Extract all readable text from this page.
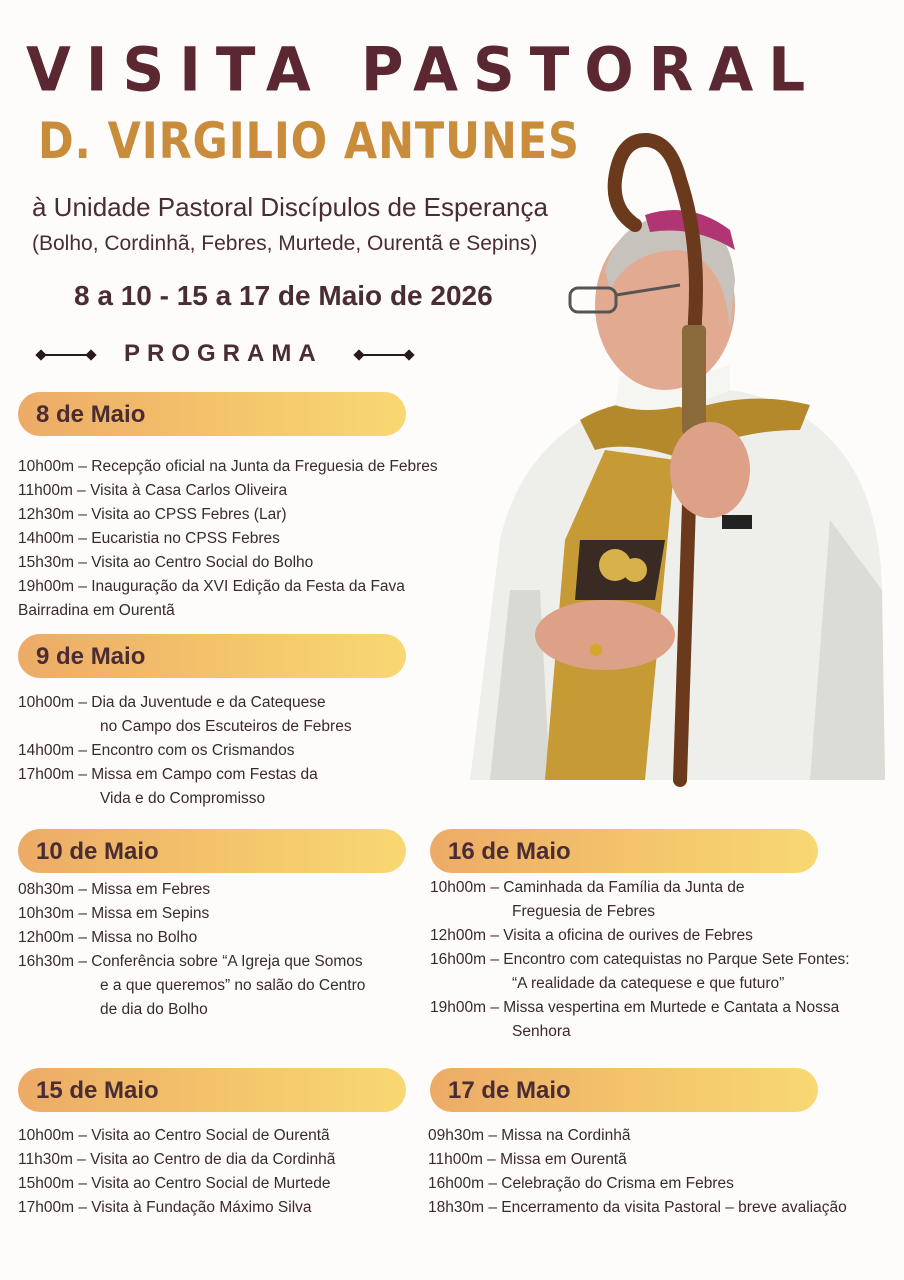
VISITA PASTORAL
D. VIRGILIO ANTUNES
à Unidade Pastoral Discípulos de Esperança
(Bolho, Cordinhã, Febres, Murtede, Ourentã e Sepins)
8 a 10 - 15 a 17 de Maio de 2026
PROGRAMA
8 de Maio
10h00m – Recepção oficial na Junta da Freguesia de Febres
11h00m – Visita à Casa Carlos Oliveira
12h30m – Visita ao CPSS Febres (Lar)
14h00m – Eucaristia no CPSS Febres
15h30m – Visita ao Centro Social do Bolho
19h00m – Inauguração da XVI Edição da Festa da Fava
Bairradina em Ourentã
9 de Maio
10h00m – Dia da Juventude e da Catequese
no Campo dos Escuteiros de Febres
14h00m – Encontro com os Crismandos
17h00m – Missa em Campo com Festas da
Vida e do Compromisso
10 de Maio
08h30m – Missa em Febres
10h30m – Missa em Sepins
12h00m – Missa no Bolho
16h30m – Conferência sobre “A Igreja que Somos
e a que queremos” no salão do Centro
de dia do Bolho
16 de Maio
10h00m – Caminhada da Família da Junta de
Freguesia de Febres
12h00m – Visita a oficina de ourives de Febres
16h00m – Encontro com catequistas no Parque Sete Fontes:
“A realidade da catequese e que futuro”
19h00m – Missa vespertina em Murtede e Cantata a Nossa
Senhora
15 de Maio
10h00m – Visita ao Centro Social de Ourentã
11h30m – Visita ao Centro de dia da Cordinhã
15h00m – Visita ao Centro Social de Murtede
17h00m – Visita à Fundação Máximo Silva
17 de Maio
09h30m – Missa na Cordinhã
11h00m – Missa em Ourentã
16h00m – Celebração do Crisma em Febres
18h30m – Encerramento da visita Pastoral – breve avaliação
